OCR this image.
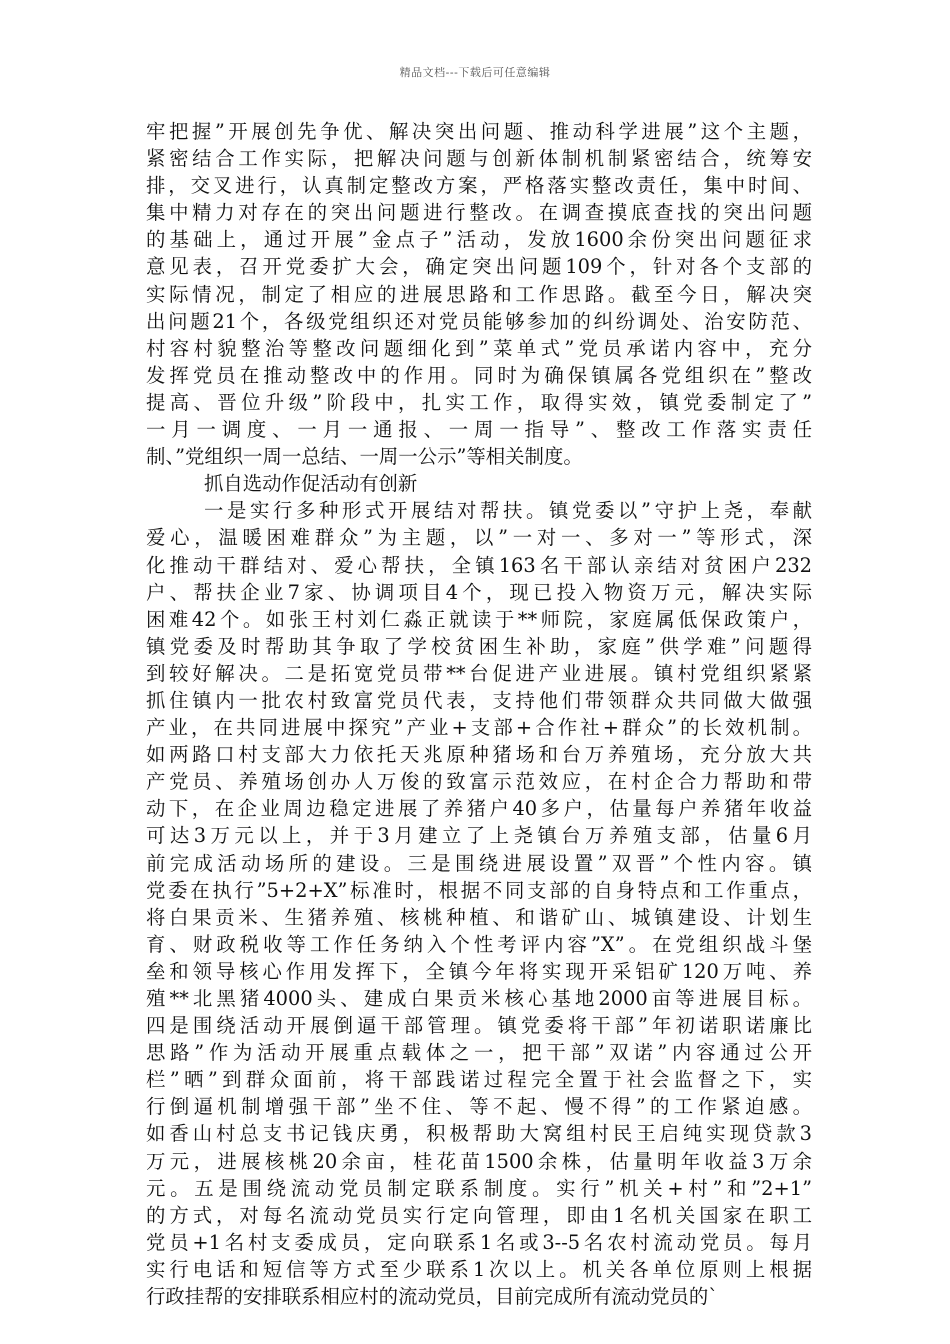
精品文档---下载后可任意编辑
牢把握”开展创先争优、解决突出问题、推动科学进展”这个主题，
紧密结合工作实际，把解决问题与创新体制机制紧密结合，统筹安
排，交叉进行，认真制定整改方案，严格落实整改责任，集中时间、
集中精力对存在的突出问题进行整改。在调查摸底查找的突出问题
的基础上，通过开展”金点子”活动，发放1600余份突出问题征求
意见表，召开党委扩大会，确定突出问题109个，针对各个支部的
实际情况，制定了相应的进展思路和工作思路。截至今日，解决突
出问题21个，各级党组织还对党员能够参加的纠纷调处、治安防范、
村容村貌整治等整改问题细化到”菜单式”党员承诺内容中，充分
发挥党员在推动整改中的作用。同时为确保镇属各党组织在”整改
提高、晋位升级”阶段中，扎实工作，取得实效，镇党委制定了”
一月一调度、一月一通报、一周一指导”、整改工作落实责任
制、”党组织一周一总结、一周一公示”等相关制度。
抓自选动作促活动有创新
一是实行多种形式开展结对帮扶。镇党委以”守护上尧，奉献
爱心，温暖困难群众”为主题，以”一对一、多对一”等形式，深
化推动干群结对、爱心帮扶，全镇163名干部认亲结对贫困户232
户、帮扶企业7家、协调项目4个，现已投入物资万元，解决实际
困难42个。如张王村刘仁淼正就读于**师院，家庭属低保政策户，
镇党委及时帮助其争取了学校贫困生补助，家庭”供学难”问题得
到较好解决。二是拓宽党员带**台促进产业进展。镇村党组织紧紧
抓住镇内一批农村致富党员代表，支持他们带领群众共同做大做强
产业，在共同进展中探究”产业+支部+合作社+群众”的长效机制。
如两路口村支部大力依托天兆原种猪场和台万养殖场，充分放大共
产党员、养殖场创办人万俊的致富示范效应，在村企合力帮助和带
动下，在企业周边稳定进展了养猪户40多户，估量每户养猪年收益
可达3万元以上，并于3月建立了上尧镇台万养殖支部，估量6月
前完成活动场所的建设。三是围绕进展设置”双晋”个性内容。镇
党委在执行”5+2+X”标准时，根据不同支部的自身特点和工作重点，
将白果贡米、生猪养殖、核桃种植、和谐矿山、城镇建设、计划生
育、财政税收等工作任务纳入个性考评内容”X”。在党组织战斗堡
垒和领导核心作用发挥下，全镇今年将实现开采铝矿120万吨、养
殖**北黑猪4000头、建成白果贡米核心基地2000亩等进展目标。
四是围绕活动开展倒逼干部管理。镇党委将干部”年初诺职诺廉比
思路”作为活动开展重点载体之一，把干部”双诺”内容通过公开
栏”晒”到群众面前，将干部践诺过程完全置于社会监督之下，实
行倒逼机制增强干部”坐不住、等不起、慢不得”的工作紧迫感。
如香山村总支书记钱庆勇，积极帮助大窝组村民王启纯实现贷款3
万元，进展核桃20余亩，桂花苗1500余株，估量明年收益3万余
元。五是围绕流动党员制定联系制度。实行”机关+村”和”2+1”
的方式，对每名流动党员实行定向管理，即由1名机关国家在职工
党员+1名村支委成员，定向联系1名或3--5名农村流动党员。每月
实行电话和短信等方式至少联系1次以上。机关各单位原则上根据
行政挂帮的安排联系相应村的流动党员，目前完成所有流动党员的`
